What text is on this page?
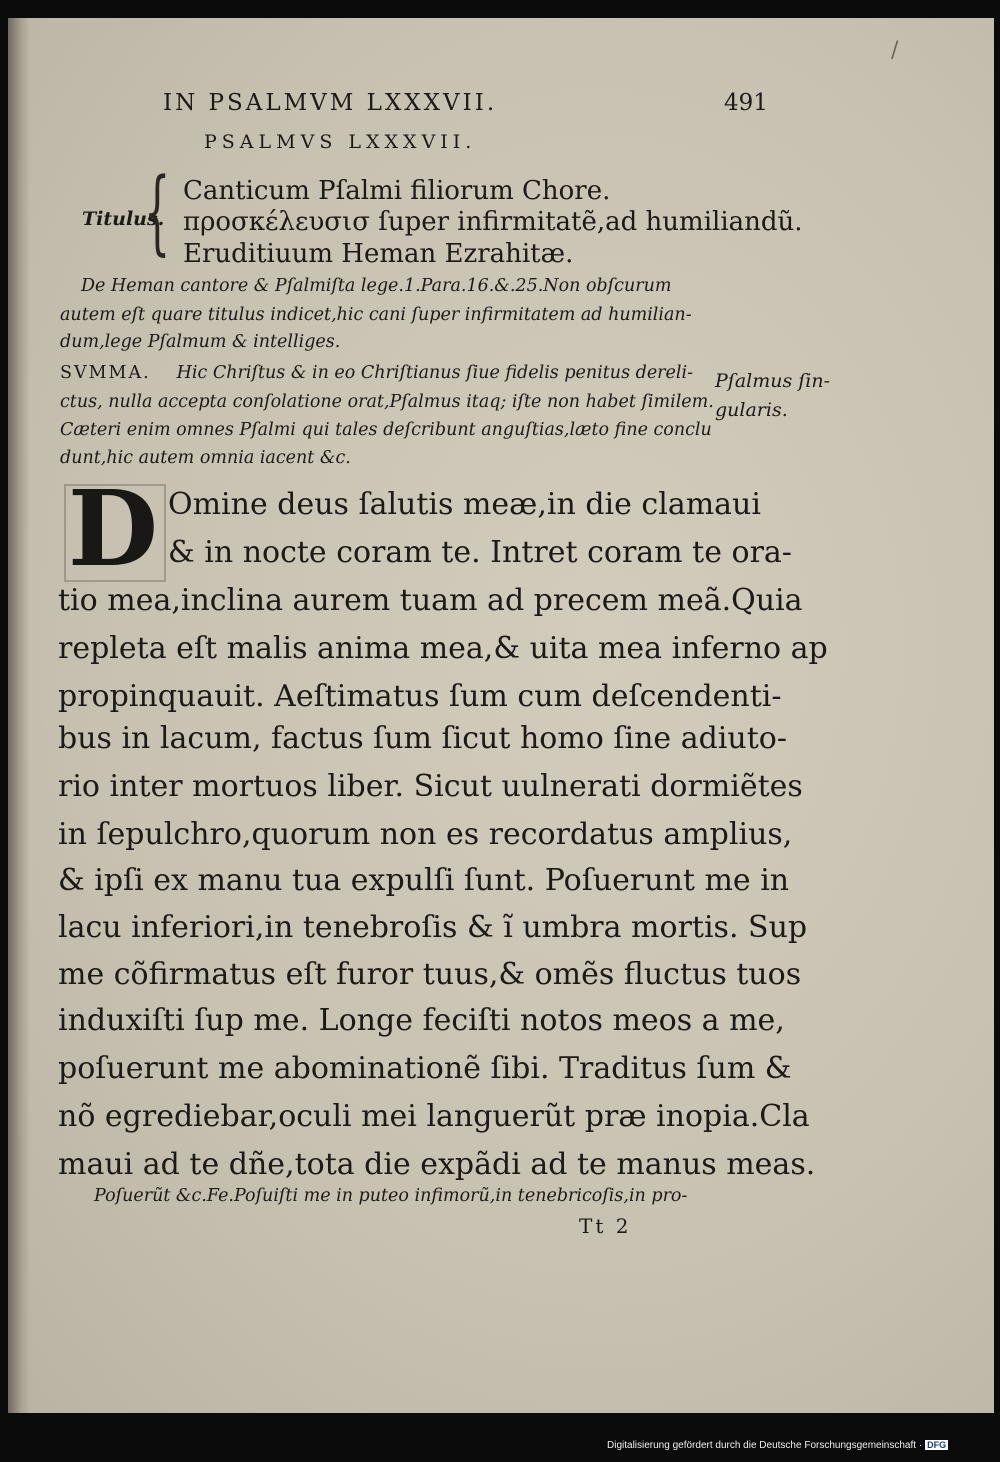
IN PSALMVM LXXXVII.	491
/
PSALMVS LXXXVII.
Titulus.
{ Canticum Pſalmi filiorum Chore.
προσκέλευσισ ſuper infirmitatẽ,ad humiliandũ.
Eruditiuum Heman Ezrahitæ.
De Heman cantore & Pſalmiſta lege.1.Para.16.&.25.Non obſcurum
autem eſt quare titulus indicet,hic cani ſuper infirmitatem ad humilian-
dum,lege Pſalmum & intelliges.
SVMMA. Hic Chriſtus & in eo Chriſtianus ſiue fidelis penitus dereli-
ctus, nulla accepta conſolatione orat,Pſalmus itaq; iſte non habet ſimilem.
Cæteri enim omnes Pſalmi qui tales deſcribunt anguſtias,læto fine conclu
dunt,hic autem omnia iacent &c.
Pſalmus ſin-
gularis.
D Omine deus ſalutis meæ,in die clamaui
& in nocte coram te. Intret coram te ora-
tio mea,inclina aurem tuam ad precem meã.Quia
repleta eſt malis anima mea,& uita mea inferno ap
propinquauit. Aeſtimatus ſum cum deſcendenti-
bus in lacum, factus ſum ſicut homo ſine adiuto-
rio inter mortuos liber. Sicut uulnerati dormiẽtes
in ſepulchro,quorum non es recordatus amplius,
& ipſi ex manu tua expulſi ſunt. Poſuerunt me in
lacu inferiori,in tenebroſis & ĩ umbra mortis. Sup
me cõfirmatus eſt furor tuus,& omẽs fluctus tuos
induxiſti ſup me. Longe feciſti notos meos a me,
poſuerunt me abominationẽ ſibi. Traditus ſum &
nõ egrediebar,oculi mei languerũt præ inopia.Cla
maui ad te dñe,tota die expãdi ad te manus meas.
Poſuerũt &c.Fe.Poſuiſti me in puteo infimorũ,in tenebricoſis,in pro-
Tt 2
Digitalisierung gefördert durch die Deutsche Forschungsgemeinschaft · DFG
